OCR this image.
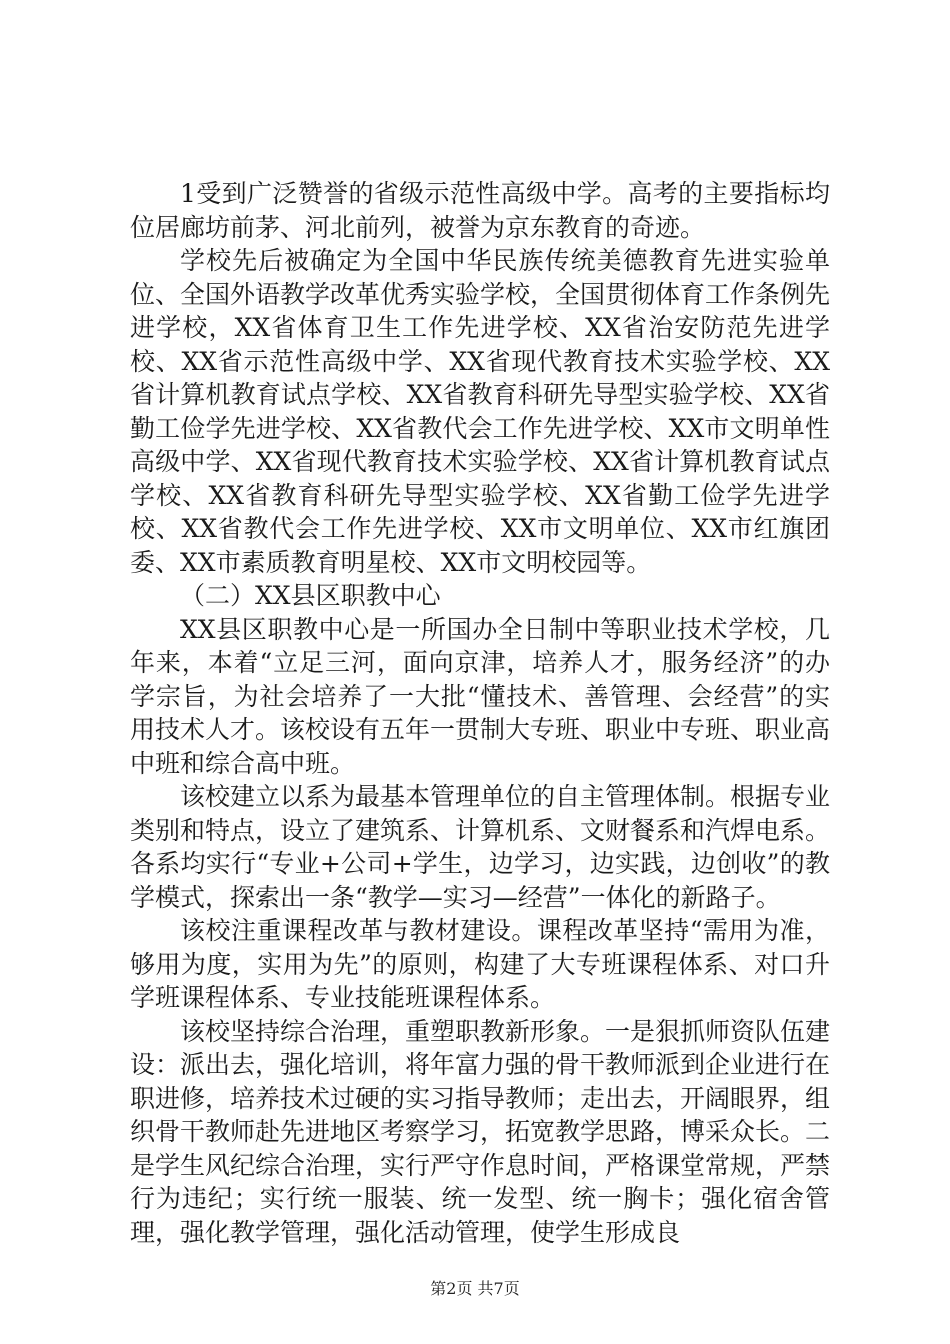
1受到广泛赞誉的省级示范性高级中学。高考的主要指标均位居廊坊前茅、河北前列，被誉为京东教育的奇迹。

学校先后被确定为全国中华民族传统美德教育先进实验单位、全国外语教学改革优秀实验学校，全国贯彻体育工作条例先进学校，XX省体育卫生工作先进学校、XX省治安防范先进学校、XX省示范性高级中学、XX省现代教育技术实验学校、XX省计算机教育试点学校、XX省教育科研先导型实验学校、XX省勤工俭学先进学校、XX省教代会工作先进学校、XX市文明单性高级中学、XX省现代教育技术实验学校、XX省计算机教育试点学校、XX省教育科研先导型实验学校、XX省勤工俭学先进学校、XX省教代会工作先进学校、XX市文明单位、XX市红旗团委、XX市素质教育明星校、XX市文明校园等。

（二）XX县区职教中心

XX县区职教中心是一所国办全日制中等职业技术学校，几年来，本着“立足三河，面向京津，培养人才，服务经济”的办学宗旨，为社会培养了一大批“懂技术、善管理、会经营”的实用技术人才。该校设有五年一贯制大专班、职业中专班、职业高中班和综合高中班。

该校建立以系为最基本管理单位的自主管理体制。根据专业类别和特点，设立了建筑系、计算机系、文财餐系和汽焊电系。各系均实行“专业+公司+学生，边学习，边实践，边创收”的教学模式，探索出一条“教学—实习—经营”一体化的新路子。

该校注重课程改革与教材建设。课程改革坚持“需用为准，够用为度，实用为先”的原则，构建了大专班课程体系、对口升学班课程体系、专业技能班课程体系。

该校坚持综合治理，重塑职教新形象。一是狠抓师资队伍建设：派出去，强化培训，将年富力强的骨干教师派到企业进行在职进修，培养技术过硬的实习指导教师；走出去，开阔眼界，组织骨干教师赴先进地区考察学习，拓宽教学思路，博采众长。二是学生风纪综合治理，实行严守作息时间，严格课堂常规，严禁行为违纪；实行统一服装、统一发型、统一胸卡；强化宿舍管理，强化教学管理，强化活动管理，使学生形成良

第2页 共7页
